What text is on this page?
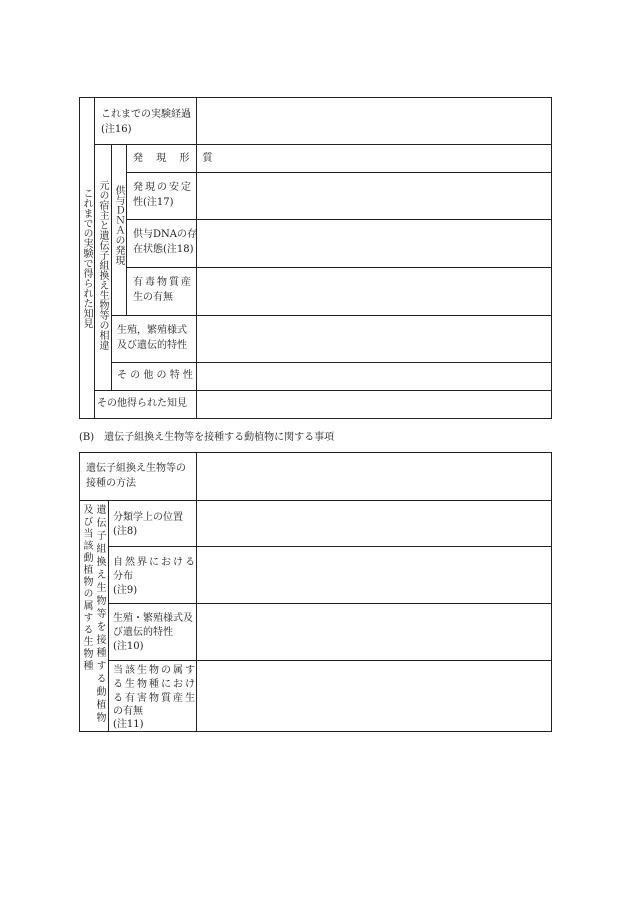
これまでの実験で得られた知見 元の宿主と遺伝子組換え生物等の相違 供与ＤＮＡの発現
これまでの実験経過
(注16)
発 現 形 質
発現の安定
性(注17)
供与DNAの存
在状態(注18)
有毒物質産
生の有無
生殖，繁殖様式
及び遺伝的特性
そ の 他 の 特 性
その他得られた知見
(B)　遺伝子組換え生物等を接種する動植物に関する事項
遺伝子組換え生物等の
接種の方法
及び当該動植物の属する生物種 遺伝子組換え生物等を接種する動植物 分類学上の位置
(注8)
自然界における
分布
(注9)
生殖・繁殖様式及
び遺伝的特性
(注10)
当該生物の属す
る生物種におけ
る有害物質産生
の有無
(注11)
